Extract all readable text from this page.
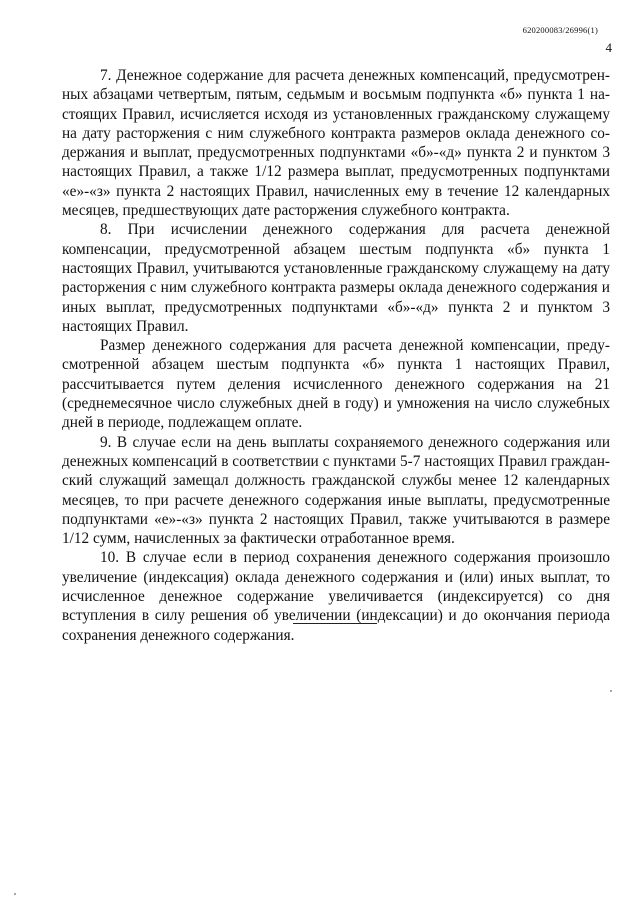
620200083/26996(1)
4

7. Денежное содержание для расчета денежных компенсаций, предусмотренных абзацами четвертым, пятым, седьмым и восьмым подпункта «б» пункта 1 настоящих Правил, исчисляется исходя из установленных гражданскому служащему на дату расторжения с ним служебного контракта размеров оклада денежного содержания и выплат, предусмотренных подпунктами «б»-«д» пункта 2 и пунктом 3 настоящих Правил, а также 1/12 размера выплат, предусмотренных подпунктами «е»-«з» пункта 2 настоящих Правил, начисленных ему в течение 12 календарных месяцев, предшествующих дате расторжения служебного контракта.

8. При исчислении денежного содержания для расчета денежной компенсации, предусмотренной абзацем шестым подпункта «б» пункта 1 настоящих Правил, учитываются установленные гражданскому служащему на дату расторжения с ним служебного контракта размеры оклада денежного содержания и иных выплат, предусмотренных подпунктами «б»-«д» пункта 2 и пунктом 3 настоящих Правил.

Размер денежного содержания для расчета денежной компенсации, предусмотренной абзацем шестым подпункта «б» пункта 1 настоящих Правил, рассчитывается путем деления исчисленного денежного содержания на 21 (среднемесячное число служебных дней в году) и умножения на число служебных дней в периоде, подлежащем оплате.

9. В случае если на день выплаты сохраняемого денежного содержания или денежных компенсаций в соответствии с пунктами 5-7 настоящих Правил гражданский служащий замещал должность гражданской службы менее 12 календарных месяцев, то при расчете денежного содержания иные выплаты, предусмотренные подпунктами «е»-«з» пункта 2 настоящих Правил, также учитываются в размере 1/12 сумм, начисленных за фактически отработанное время.

10. В случае если в период сохранения денежного содержания произошло увеличение (индексация) оклада денежного содержания и (или) иных выплат, то исчисленное денежное содержание увеличивается (индексируется) со дня вступления в силу решения об увеличении (индексации) и до окончания периода сохранения денежного содержания.
